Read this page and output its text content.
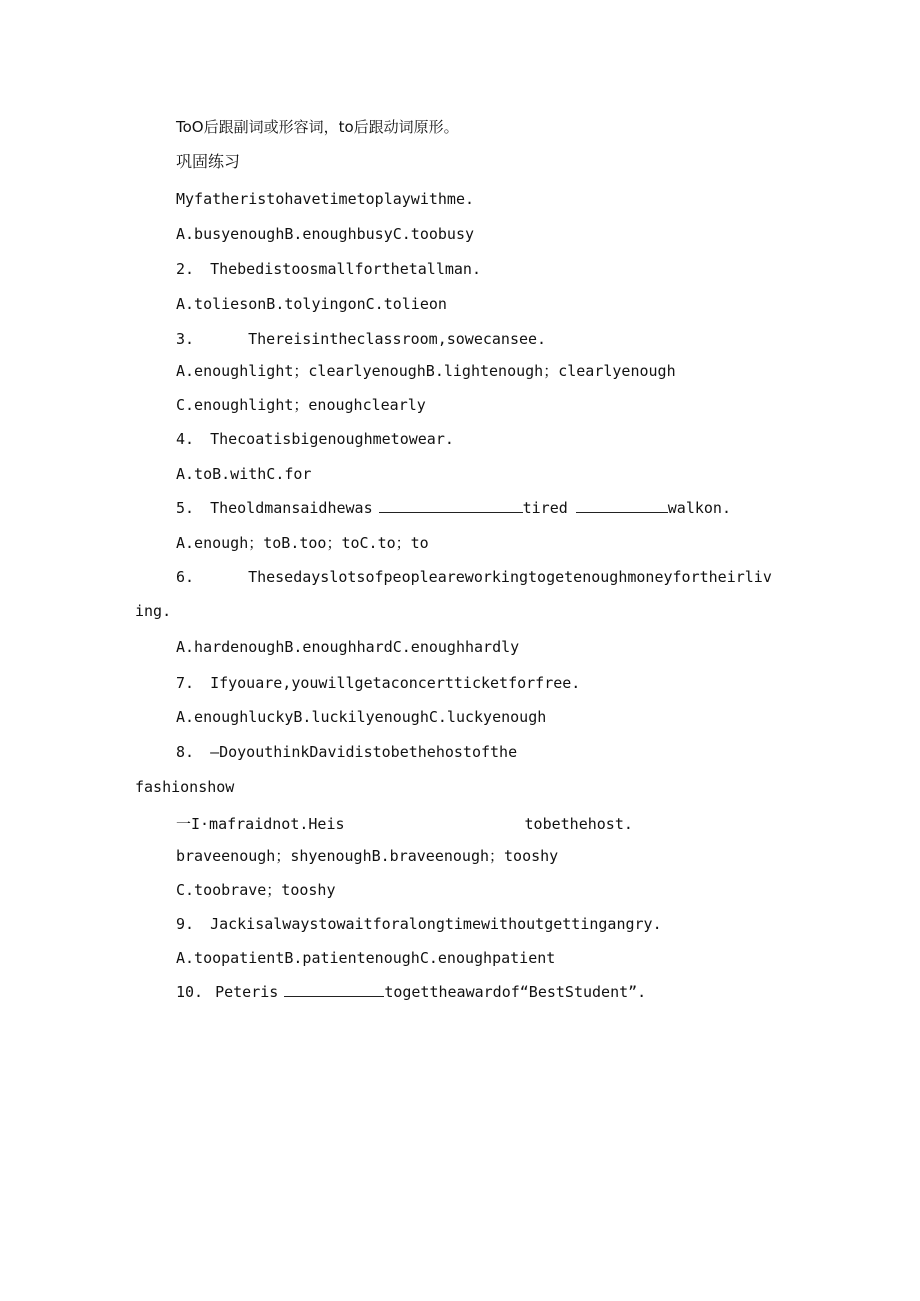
ToO后跟副词或形容词，to后跟动词原形。
巩固练习
Myfatheristohavetimetoplaywithme.
A.busyenoughB.enoughbusyC.toobusy
2. Thebedistoosmallforthetallman.
A.toliesonB.tolyingonC.tolieon
3.	Thereisintheclassroom,sowecansee.
A.enoughlight；clearlyenoughB.lightenough；clearlyenough
C.enoughlight；enoughclearly
4. Thecoatisbigenoughmetowear.
A.toB.withC.for
5. Theoldmansaidhewas	tired	walkon.
A.enough；toB.too；toC.to；to
6.	Thesedayslotsofpeopleareworkingtogetenoughmoneyfortheirliv
ing.
A.hardenoughB.enoughhardC.enoughhardly
7. Ifyouare,youwillgetaconcertticketforfree.
A.enoughluckyB.luckilyenoughC.luckyenough
8. —DoyouthinkDavidistobethehostofthe
fashionshow
一I·mafraidnot.Heis	tobethehost.
braveenough；shyenoughB.braveenough；tooshy
C.toobrave；tooshy
9. Jackisalwaystowaitforalongtimewithoutgettingangry.
A.toopatientB.patientenoughC.enoughpatient
10. Peteris	togettheawardof“BestStudent”.
